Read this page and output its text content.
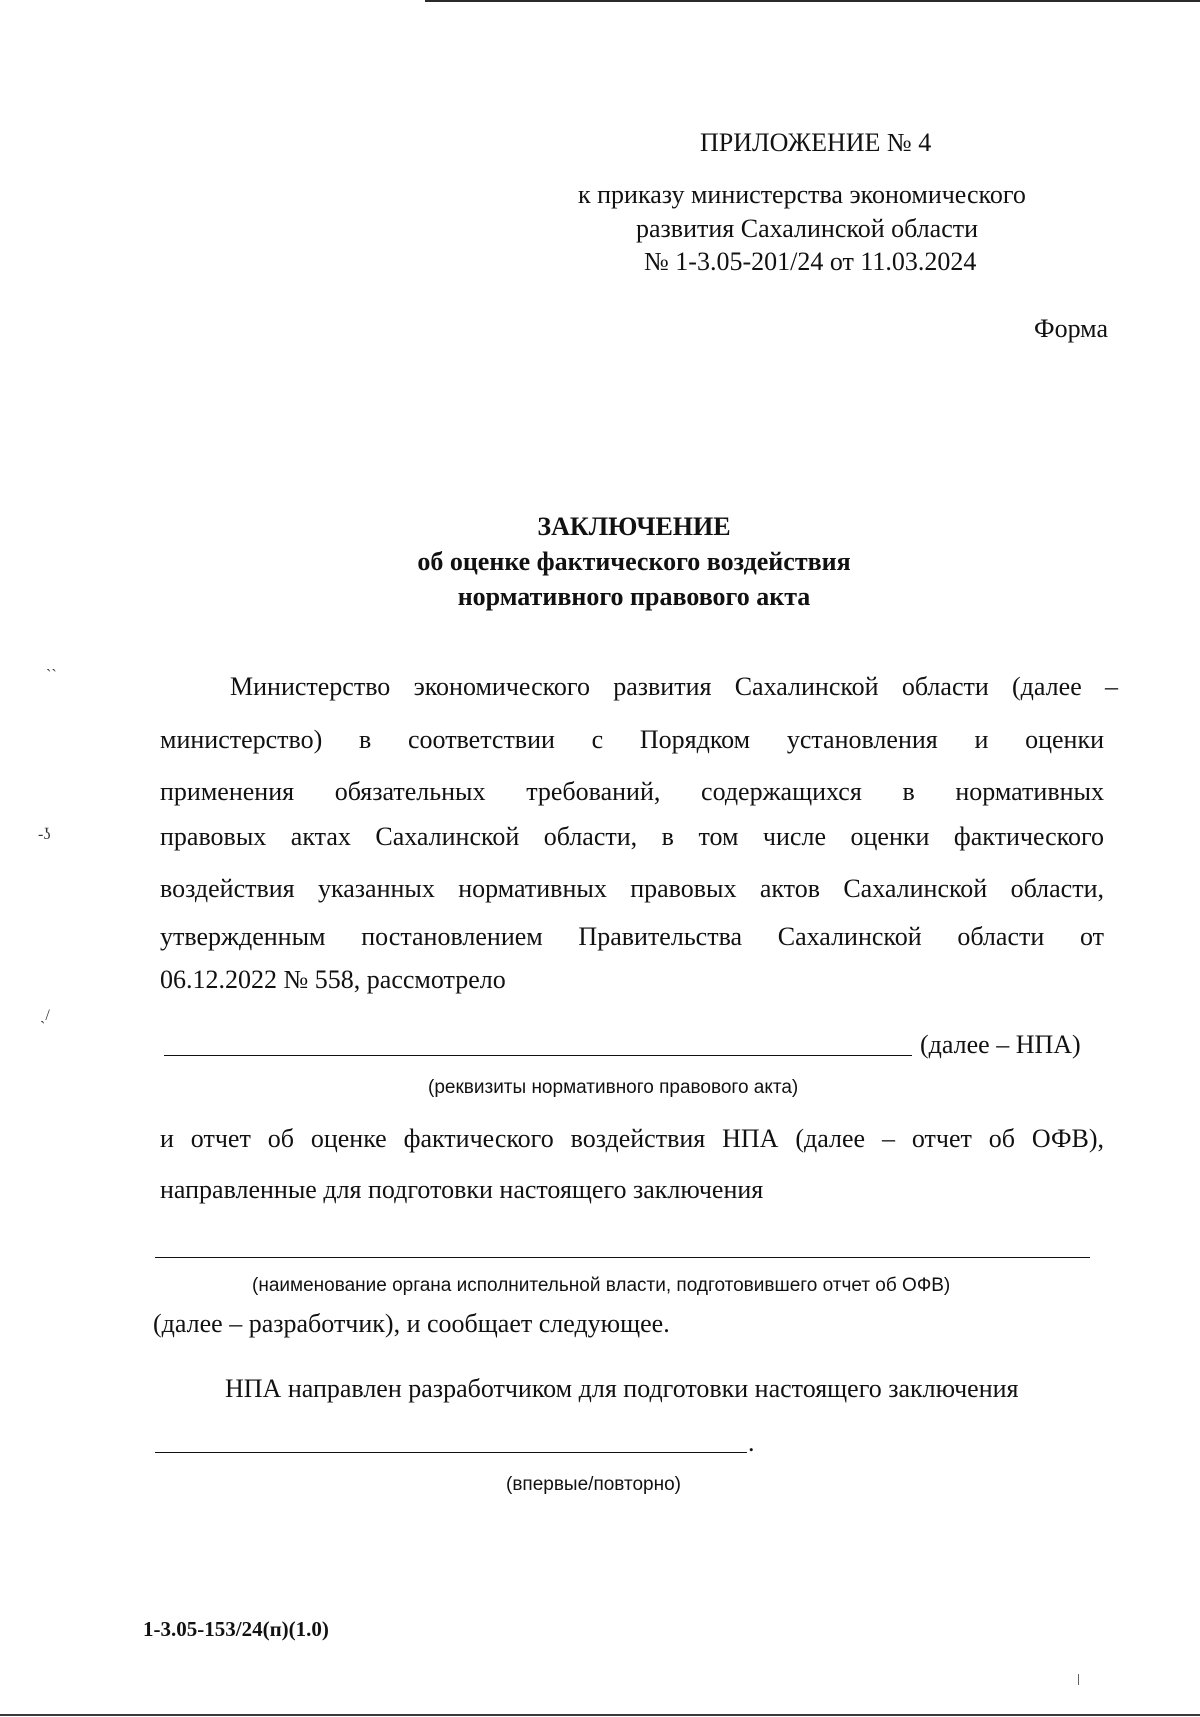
ˎˏ
-ʖ
ˎ/
ǀ
ПРИЛОЖЕНИЕ № 4
к приказу министерства экономического
развития Сахалинской области
№ 1-3.05-201/24 от 11.03.2024
Форма
ЗАКЛЮЧЕНИЕ
об оценке фактического воздействия
нормативного правового акта
Министерство экономического развития Сахалинской области (далее –
министерство) в соответствии с Порядком установления и оценки
применения обязательных требований, содержащихся в нормативных
правовых актах Сахалинской области, в том числе оценки фактического
воздействия указанных нормативных правовых актов Сахалинской области,
утвержденным постановлением Правительства Сахалинской области от
06.12.2022 № 558, рассмотрело
(далее – НПА)
(реквизиты нормативного правового акта)
и отчет об оценке фактического воздействия НПА (далее – отчет об ОФВ),
направленные для подготовки настоящего заключения
(наименование органа исполнительной власти, подготовившего отчет об ОФВ)
(далее – разработчик), и сообщает следующее.
НПА направлен разработчиком для подготовки настоящего заключения
.
(впервые/повторно)
1-3.05-153/24(п)(1.0)
